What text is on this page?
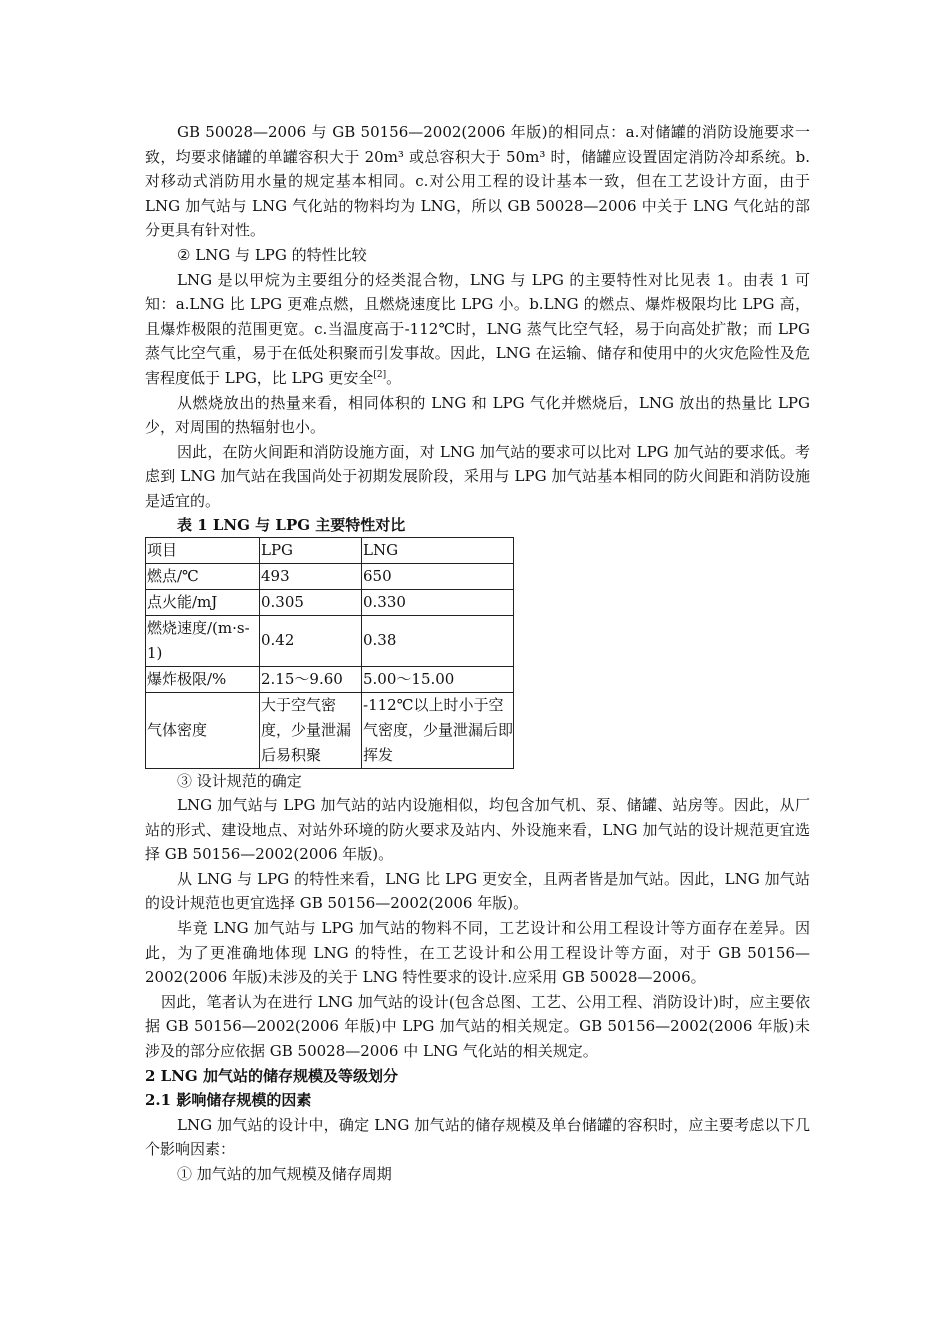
GB 50028—2006 与 GB 50156—2002(2006 年版)的相同点：a.对储罐的消防设施要求一致，均要求储罐的单罐容积大于 20m³ 或总容积大于 50m³ 时，储罐应设置固定消防冷却系统。b.对移动式消防用水量的规定基本相同。c.对公用工程的设计基本一致，但在工艺设计方面，由于 LNG 加气站与 LNG 气化站的物料均为 LNG，所以 GB 50028—2006 中关于 LNG 气化站的部分更具有针对性。

② LNG 与 LPG 的特性比较

LNG 是以甲烷为主要组分的烃类混合物，LNG 与 LPG 的主要特性对比见表 1。由表 1 可知：a.LNG 比 LPG 更难点燃，且燃烧速度比 LPG 小。b.LNG 的燃点、爆炸极限均比 LPG 高，且爆炸极限的范围更宽。c.当温度高于-112℃时，LNG 蒸气比空气轻，易于向高处扩散；而 LPG 蒸气比空气重，易于在低处积聚而引发事故。因此，LNG 在运输、储存和使用中的火灾危险性及危害程度低于 LPG，比 LPG 更安全[2]。

从燃烧放出的热量来看，相同体积的 LNG 和 LPG 气化并燃烧后，LNG 放出的热量比 LPG 少，对周围的热辐射也小。

因此，在防火间距和消防设施方面，对 LNG 加气站的要求可以比对 LPG 加气站的要求低。考虑到 LNG 加气站在我国尚处于初期发展阶段，采用与 LPG 加气站基本相同的防火间距和消防设施是适宜的。

表 1 LNG 与 LPG 主要特性对比

项目	LPG	LNG
燃点/℃	493	650
点火能/mJ	0.305	0.330
燃烧速度/(m·s-1)	0.42	0.38
爆炸极限/%	2.15～9.60	5.00～15.00
气体密度	大于空气密度，少量泄漏后易积聚	-112℃以上时小于空气密度，少量泄漏后即挥发

③ 设计规范的确定

LNG 加气站与 LPG 加气站的站内设施相似，均包含加气机、泵、储罐、站房等。因此，从厂站的形式、建设地点、对站外环境的防火要求及站内、外设施来看，LNG 加气站的设计规范更宜选择 GB 50156—2002(2006 年版)。

从 LNG 与 LPG 的特性来看，LNG 比 LPG 更安全，且两者皆是加气站。因此，LNG 加气站的设计规范也更宜选择 GB 50156—2002(2006 年版)。

毕竟 LNG 加气站与 LPG 加气站的物料不同，工艺设计和公用工程设计等方面存在差异。因此，为了更准确地体现 LNG 的特性，在工艺设计和公用工程设计等方面，对于 GB 50156—2002(2006 年版)未涉及的关于 LNG 特性要求的设计.应采用 GB 50028—2006。

因此，笔者认为在进行 LNG 加气站的设计(包含总图、工艺、公用工程、消防设计)时，应主要依据 GB 50156—2002(2006 年版)中 LPG 加气站的相关规定。GB 50156—2002(2006 年版)未涉及的部分应依据 GB 50028—2006 中 LNG 气化站的相关规定。

2 LNG 加气站的储存规模及等级划分

2.1 影响储存规模的因素

LNG 加气站的设计中，确定 LNG 加气站的储存规模及单台储罐的容积时，应主要考虑以下几个影响因素：

① 加气站的加气规模及储存周期
